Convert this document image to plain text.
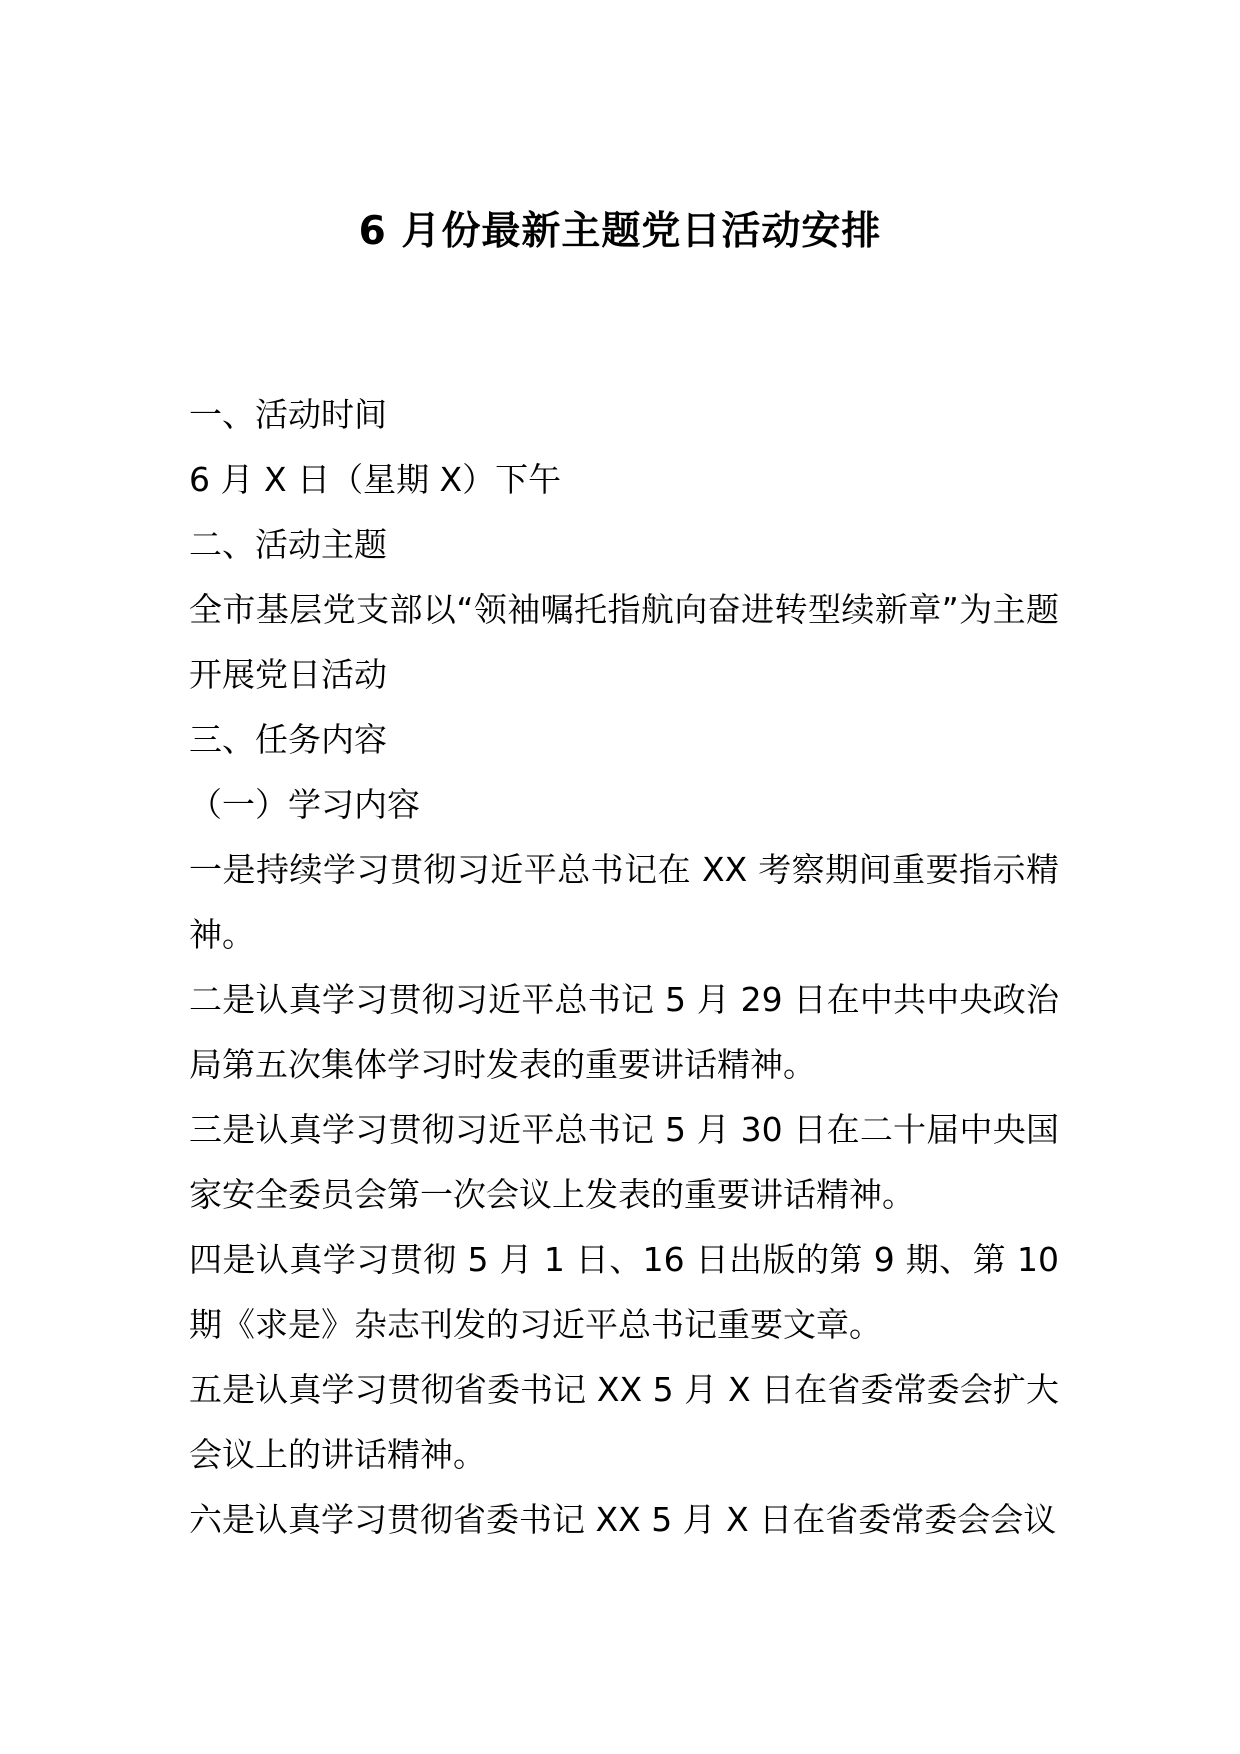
6 月份最新主题党日活动安排

一、活动时间

6 月 X 日（星期 X）下午

二、活动主题

全市基层党支部以“领袖嘱托指航向奋进转型续新章”为主题开展党日活动

三、任务内容

（一）学习内容

一是持续学习贯彻习近平总书记在 XX 考察期间重要指示精神。

二是认真学习贯彻习近平总书记 5 月 29 日在中共中央政治局第五次集体学习时发表的重要讲话精神。

三是认真学习贯彻习近平总书记 5 月 30 日在二十届中央国家安全委员会第一次会议上发表的重要讲话精神。

四是认真学习贯彻 5 月 1 日、16 日出版的第 9 期、第 10 期《求是》杂志刊发的习近平总书记重要文章。

五是认真学习贯彻省委书记 XX 5 月 X 日在省委常委会扩大会议上的讲话精神。

六是认真学习贯彻省委书记 XX 5 月 X 日在省委常委会会议
